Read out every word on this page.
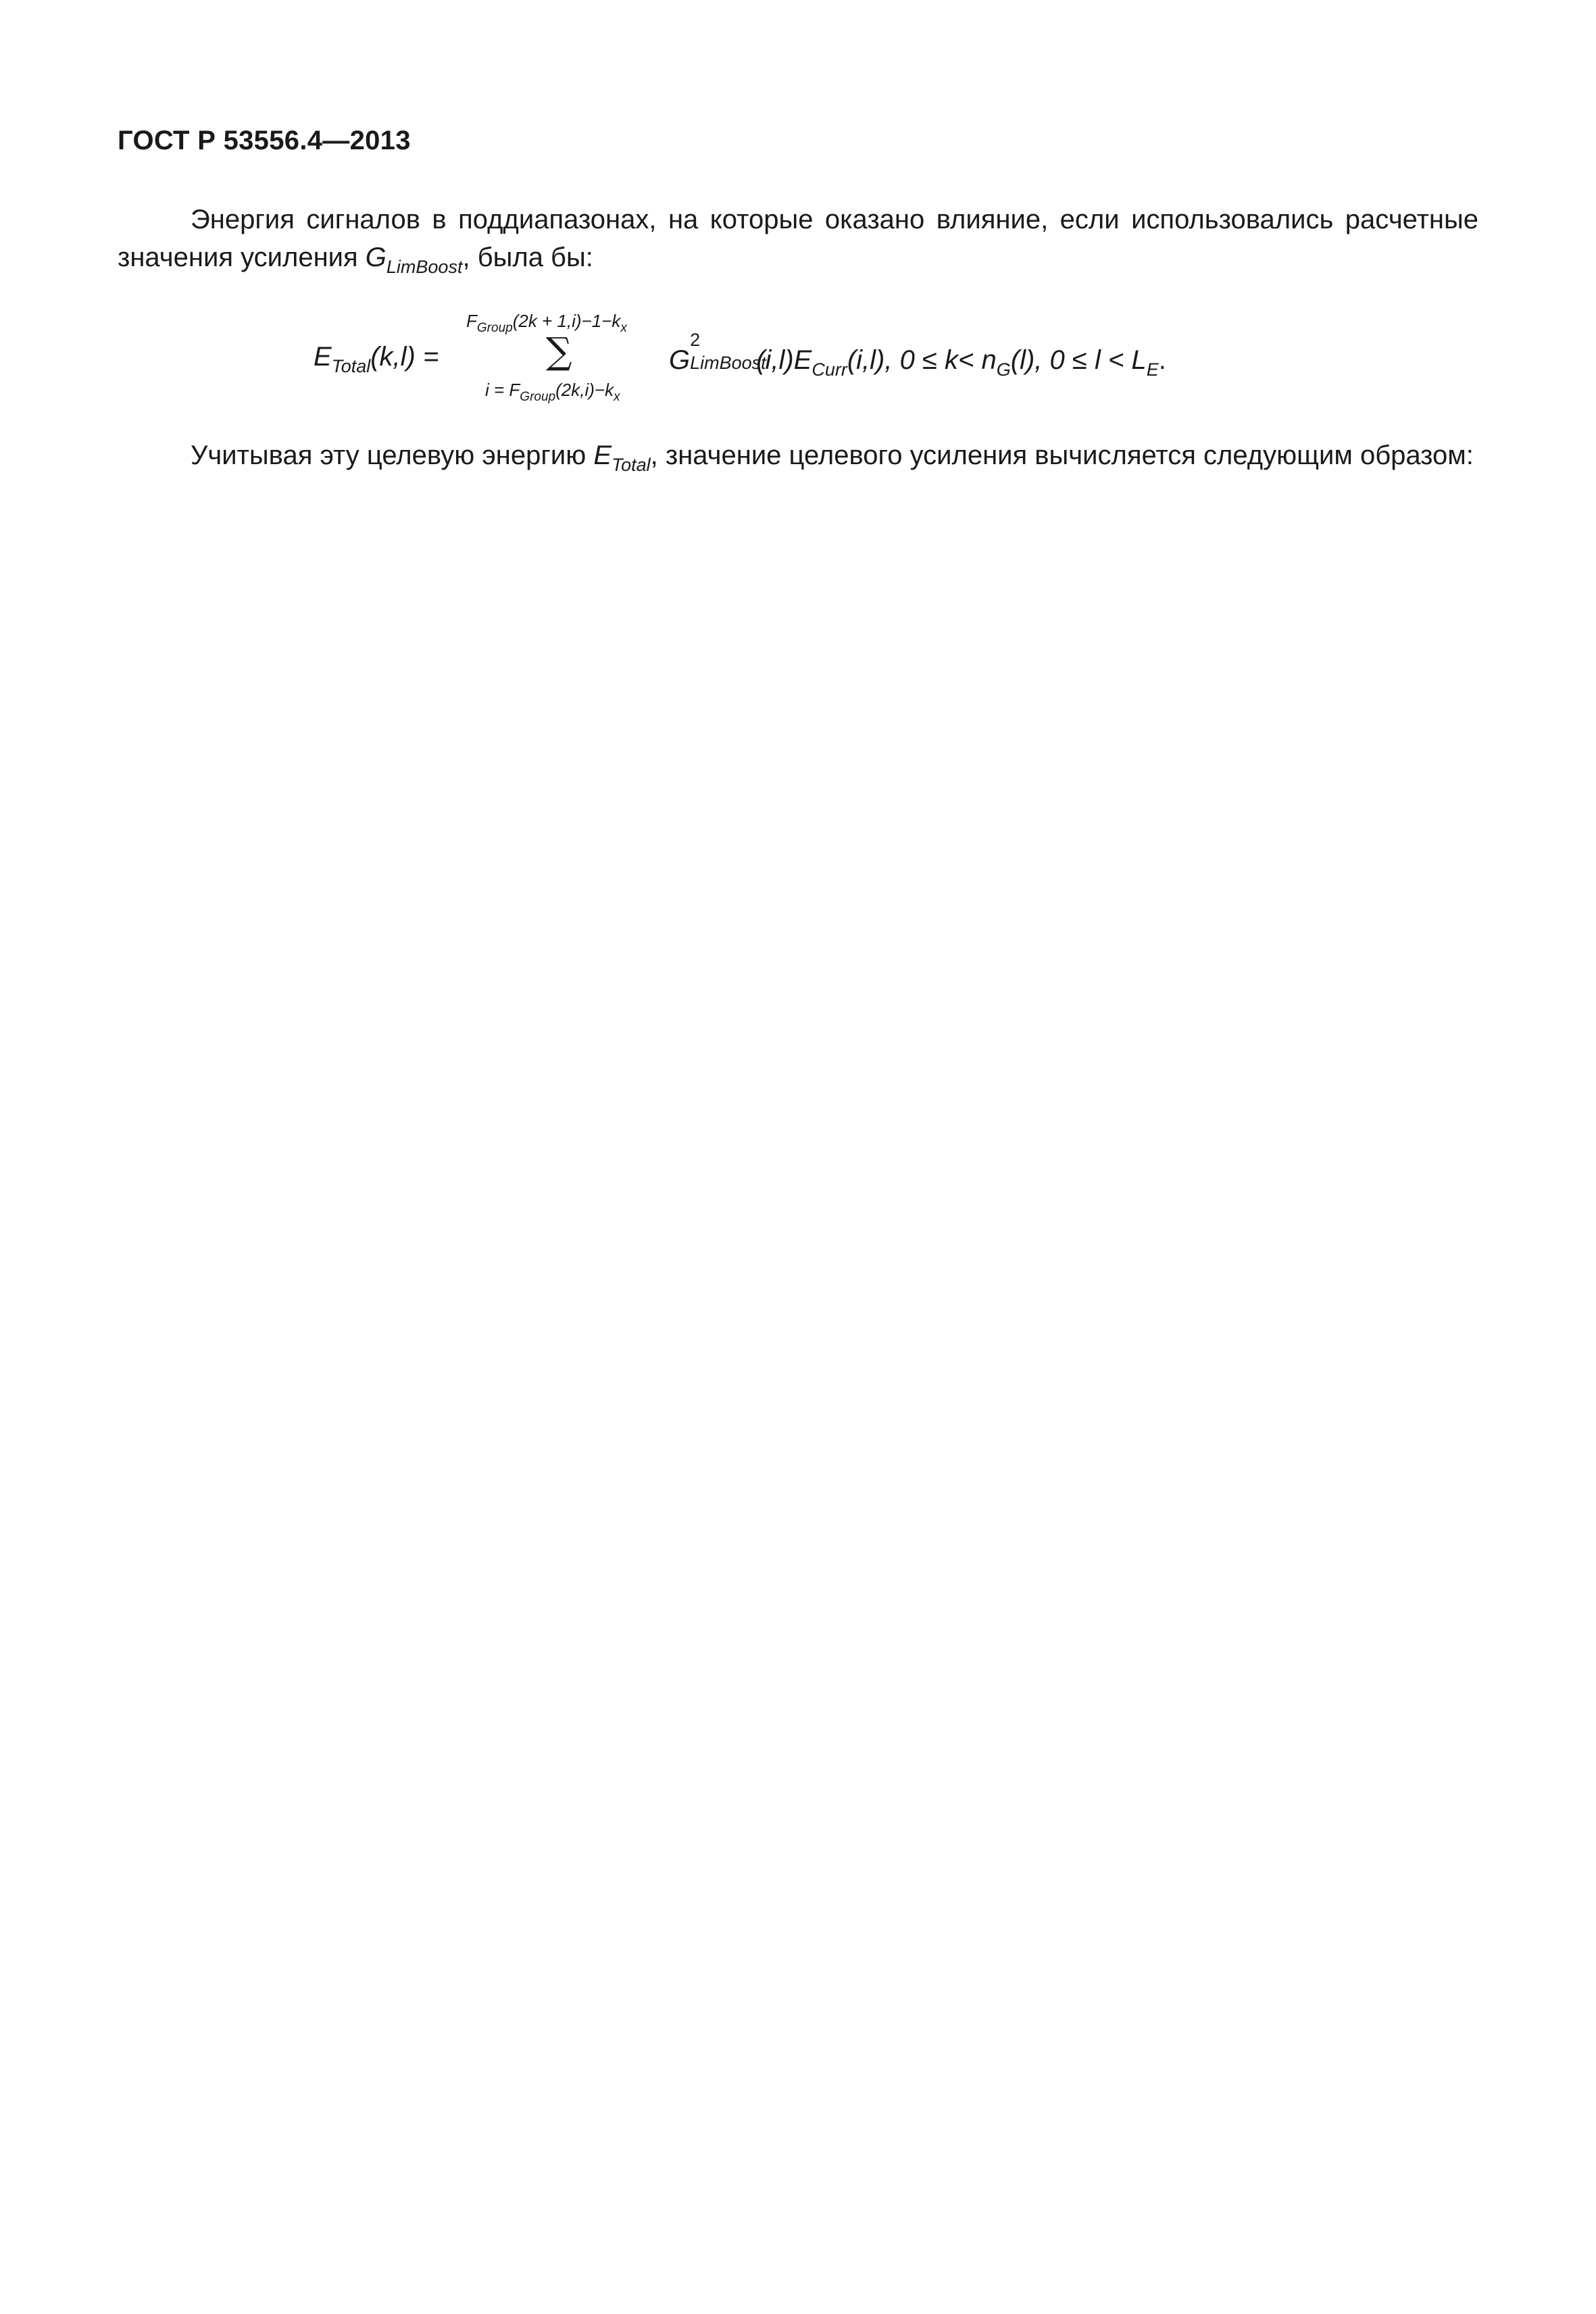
ГОСТ Р 53556.4—2013
Энергия сигналов в поддиапазонах, на которые оказано влияние, если использовались расчетные значения усиления $G_{LimBoost}$, была бы:
$E_{Total}(k,l)$ =
$F_{Group}(2k + 1,i)-1-k_x$
∑
$i = F_{Group}(2k,i)-k_x$
G
2
LimBoost
$(i,l)E_{Curr}(i,l)$, $0 \le k< n_G(l)$, $0 \le l < L_E$.
Учитывая эту целевую энергию $E_{Total}$, значение целевого усиления вычисляется следующим образом:
